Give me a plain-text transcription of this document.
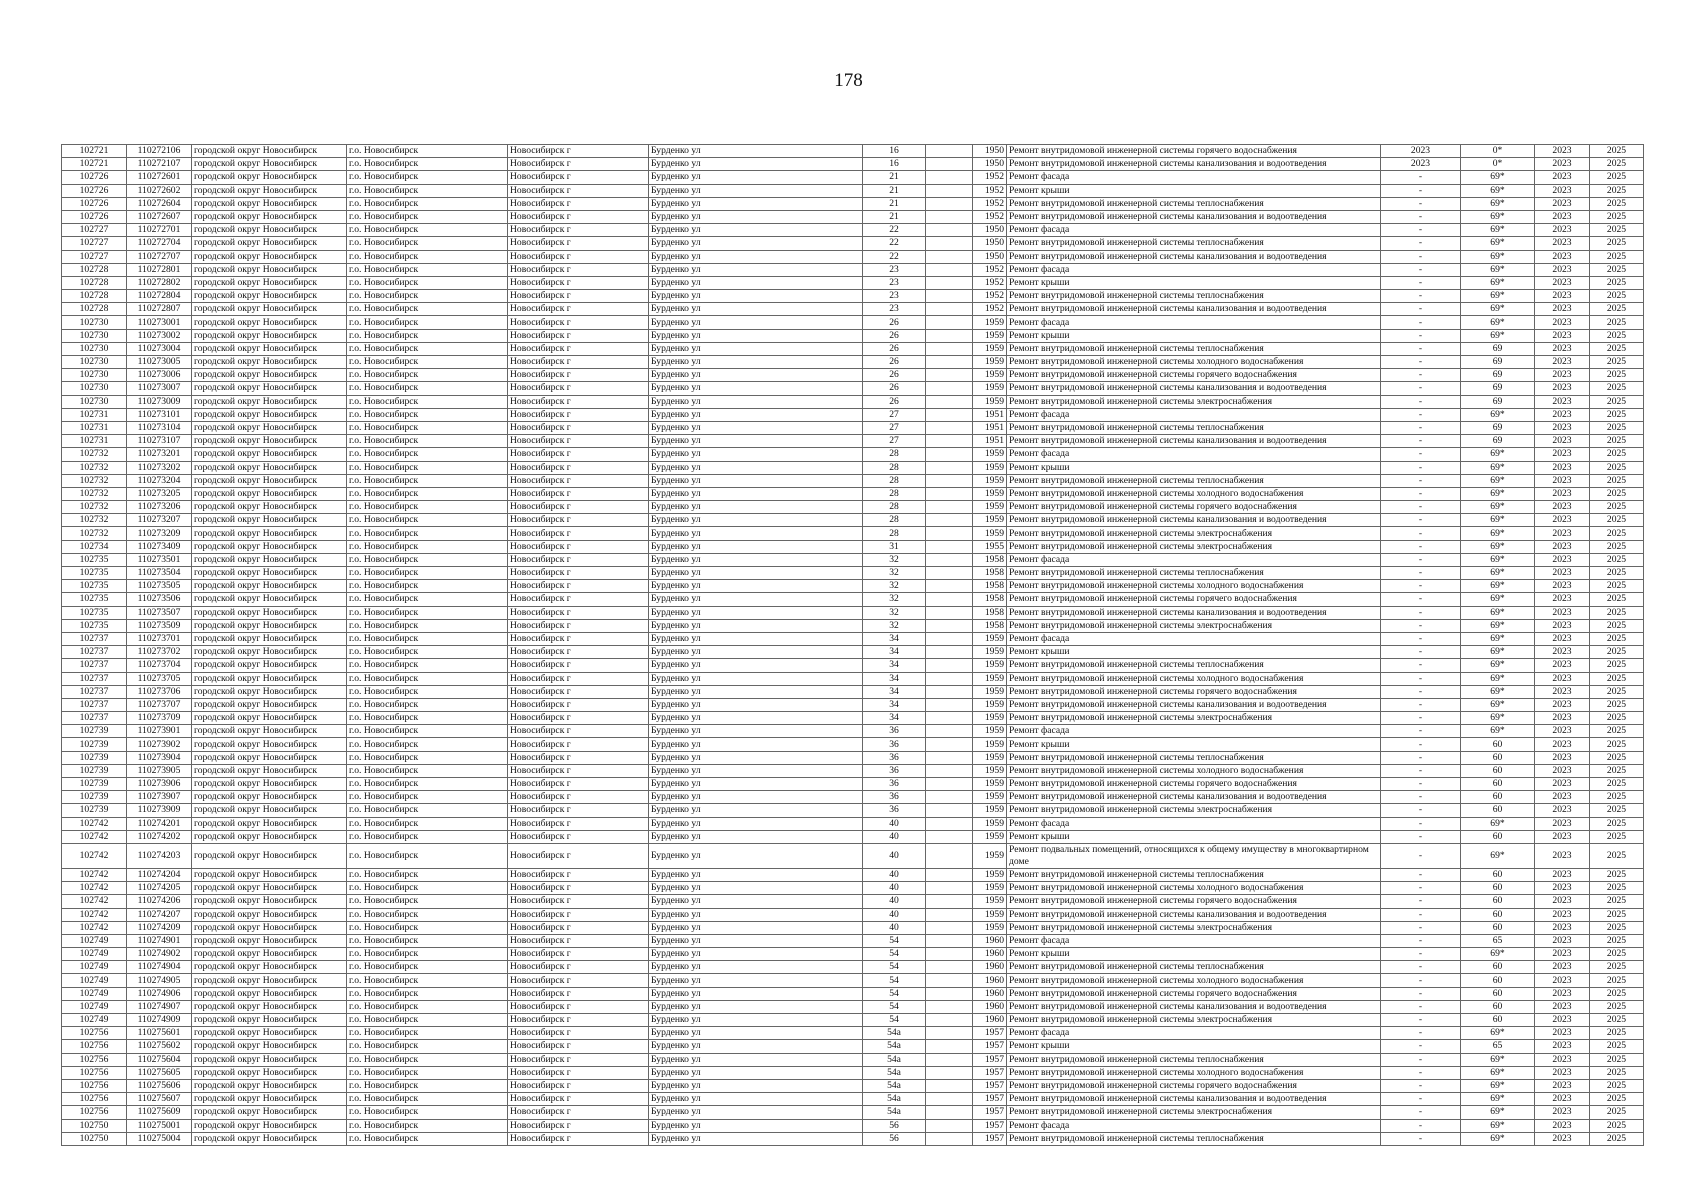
178
102721	110272106	городской округ Новосибирск	г.о. Новосибирск	Новосибирск г	Бурденко ул	16		1950	Ремонт внутридомовой инженерной системы горячего водоснабжения	2023	0*	2023	2025
102721	110272107	городской округ Новосибирск	г.о. Новосибирск	Новосибирск г	Бурденко ул	16		1950	Ремонт внутридомовой инженерной системы канализования и водоотведения	2023	0*	2023	2025
102726	110272601	городской округ Новосибирск	г.о. Новосибирск	Новосибирск г	Бурденко ул	21		1952	Ремонт фасада	-	69*	2023	2025
102726	110272602	городской округ Новосибирск	г.о. Новосибирск	Новосибирск г	Бурденко ул	21		1952	Ремонт крыши	-	69*	2023	2025
102726	110272604	городской округ Новосибирск	г.о. Новосибирск	Новосибирск г	Бурденко ул	21		1952	Ремонт внутридомовой инженерной системы теплоснабжения	-	69*	2023	2025
102726	110272607	городской округ Новосибирск	г.о. Новосибирск	Новосибирск г	Бурденко ул	21		1952	Ремонт внутридомовой инженерной системы канализования и водоотведения	-	69*	2023	2025
102727	110272701	городской округ Новосибирск	г.о. Новосибирск	Новосибирск г	Бурденко ул	22		1950	Ремонт фасада	-	69*	2023	2025
102727	110272704	городской округ Новосибирск	г.о. Новосибирск	Новосибирск г	Бурденко ул	22		1950	Ремонт внутридомовой инженерной системы теплоснабжения	-	69*	2023	2025
102727	110272707	городской округ Новосибирск	г.о. Новосибирск	Новосибирск г	Бурденко ул	22		1950	Ремонт внутридомовой инженерной системы канализования и водоотведения	-	69*	2023	2025
102728	110272801	городской округ Новосибирск	г.о. Новосибирск	Новосибирск г	Бурденко ул	23		1952	Ремонт фасада	-	69*	2023	2025
102728	110272802	городской округ Новосибирск	г.о. Новосибирск	Новосибирск г	Бурденко ул	23		1952	Ремонт крыши	-	69*	2023	2025
102728	110272804	городской округ Новосибирск	г.о. Новосибирск	Новосибирск г	Бурденко ул	23		1952	Ремонт внутридомовой инженерной системы теплоснабжения	-	69*	2023	2025
102728	110272807	городской округ Новосибирск	г.о. Новосибирск	Новосибирск г	Бурденко ул	23		1952	Ремонт внутридомовой инженерной системы канализования и водоотведения	-	69*	2023	2025
102730	110273001	городской округ Новосибирск	г.о. Новосибирск	Новосибирск г	Бурденко ул	26		1959	Ремонт фасада	-	69*	2023	2025
102730	110273002	городской округ Новосибирск	г.о. Новосибирск	Новосибирск г	Бурденко ул	26		1959	Ремонт крыши	-	69*	2023	2025
102730	110273004	городской округ Новосибирск	г.о. Новосибирск	Новосибирск г	Бурденко ул	26		1959	Ремонт внутридомовой инженерной системы теплоснабжения	-	69	2023	2025
102730	110273005	городской округ Новосибирск	г.о. Новосибирск	Новосибирск г	Бурденко ул	26		1959	Ремонт внутридомовой инженерной системы холодного водоснабжения	-	69	2023	2025
102730	110273006	городской округ Новосибирск	г.о. Новосибирск	Новосибирск г	Бурденко ул	26		1959	Ремонт внутридомовой инженерной системы горячего водоснабжения	-	69	2023	2025
102730	110273007	городской округ Новосибирск	г.о. Новосибирск	Новосибирск г	Бурденко ул	26		1959	Ремонт внутридомовой инженерной системы канализования и водоотведения	-	69	2023	2025
102730	110273009	городской округ Новосибирск	г.о. Новосибирск	Новосибирск г	Бурденко ул	26		1959	Ремонт внутридомовой инженерной системы электроснабжения	-	69	2023	2025
102731	110273101	городской округ Новосибирск	г.о. Новосибирск	Новосибирск г	Бурденко ул	27		1951	Ремонт фасада	-	69*	2023	2025
102731	110273104	городской округ Новосибирск	г.о. Новосибирск	Новосибирск г	Бурденко ул	27		1951	Ремонт внутридомовой инженерной системы теплоснабжения	-	69	2023	2025
102731	110273107	городской округ Новосибирск	г.о. Новосибирск	Новосибирск г	Бурденко ул	27		1951	Ремонт внутридомовой инженерной системы канализования и водоотведения	-	69	2023	2025
102732	110273201	городской округ Новосибирск	г.о. Новосибирск	Новосибирск г	Бурденко ул	28		1959	Ремонт фасада	-	69*	2023	2025
102732	110273202	городской округ Новосибирск	г.о. Новосибирск	Новосибирск г	Бурденко ул	28		1959	Ремонт крыши	-	69*	2023	2025
102732	110273204	городской округ Новосибирск	г.о. Новосибирск	Новосибирск г	Бурденко ул	28		1959	Ремонт внутридомовой инженерной системы теплоснабжения	-	69*	2023	2025
102732	110273205	городской округ Новосибирск	г.о. Новосибирск	Новосибирск г	Бурденко ул	28		1959	Ремонт внутридомовой инженерной системы холодного водоснабжения	-	69*	2023	2025
102732	110273206	городской округ Новосибирск	г.о. Новосибирск	Новосибирск г	Бурденко ул	28		1959	Ремонт внутридомовой инженерной системы горячего водоснабжения	-	69*	2023	2025
102732	110273207	городской округ Новосибирск	г.о. Новосибирск	Новосибирск г	Бурденко ул	28		1959	Ремонт внутридомовой инженерной системы канализования и водоотведения	-	69*	2023	2025
102732	110273209	городской округ Новосибирск	г.о. Новосибирск	Новосибирск г	Бурденко ул	28		1959	Ремонт внутридомовой инженерной системы электроснабжения	-	69*	2023	2025
102734	110273409	городской округ Новосибирск	г.о. Новосибирск	Новосибирск г	Бурденко ул	31		1955	Ремонт внутридомовой инженерной системы электроснабжения	-	69*	2023	2025
102735	110273501	городской округ Новосибирск	г.о. Новосибирск	Новосибирск г	Бурденко ул	32		1958	Ремонт фасада	-	69*	2023	2025
102735	110273504	городской округ Новосибирск	г.о. Новосибирск	Новосибирск г	Бурденко ул	32		1958	Ремонт внутридомовой инженерной системы теплоснабжения	-	69*	2023	2025
102735	110273505	городской округ Новосибирск	г.о. Новосибирск	Новосибирск г	Бурденко ул	32		1958	Ремонт внутридомовой инженерной системы холодного водоснабжения	-	69*	2023	2025
102735	110273506	городской округ Новосибирск	г.о. Новосибирск	Новосибирск г	Бурденко ул	32		1958	Ремонт внутридомовой инженерной системы горячего водоснабжения	-	69*	2023	2025
102735	110273507	городской округ Новосибирск	г.о. Новосибирск	Новосибирск г	Бурденко ул	32		1958	Ремонт внутридомовой инженерной системы канализования и водоотведения	-	69*	2023	2025
102735	110273509	городской округ Новосибирск	г.о. Новосибирск	Новосибирск г	Бурденко ул	32		1958	Ремонт внутридомовой инженерной системы электроснабжения	-	69*	2023	2025
102737	110273701	городской округ Новосибирск	г.о. Новосибирск	Новосибирск г	Бурденко ул	34		1959	Ремонт фасада	-	69*	2023	2025
102737	110273702	городской округ Новосибирск	г.о. Новосибирск	Новосибирск г	Бурденко ул	34		1959	Ремонт крыши	-	69*	2023	2025
102737	110273704	городской округ Новосибирск	г.о. Новосибирск	Новосибирск г	Бурденко ул	34		1959	Ремонт внутридомовой инженерной системы теплоснабжения	-	69*	2023	2025
102737	110273705	городской округ Новосибирск	г.о. Новосибирск	Новосибирск г	Бурденко ул	34		1959	Ремонт внутридомовой инженерной системы холодного водоснабжения	-	69*	2023	2025
102737	110273706	городской округ Новосибирск	г.о. Новосибирск	Новосибирск г	Бурденко ул	34		1959	Ремонт внутридомовой инженерной системы горячего водоснабжения	-	69*	2023	2025
102737	110273707	городской округ Новосибирск	г.о. Новосибирск	Новосибирск г	Бурденко ул	34		1959	Ремонт внутридомовой инженерной системы канализования и водоотведения	-	69*	2023	2025
102737	110273709	городской округ Новосибирск	г.о. Новосибирск	Новосибирск г	Бурденко ул	34		1959	Ремонт внутридомовой инженерной системы электроснабжения	-	69*	2023	2025
102739	110273901	городской округ Новосибирск	г.о. Новосибирск	Новосибирск г	Бурденко ул	36		1959	Ремонт фасада	-	69*	2023	2025
102739	110273902	городской округ Новосибирск	г.о. Новосибирск	Новосибирск г	Бурденко ул	36		1959	Ремонт крыши	-	60	2023	2025
102739	110273904	городской округ Новосибирск	г.о. Новосибирск	Новосибирск г	Бурденко ул	36		1959	Ремонт внутридомовой инженерной системы теплоснабжения	-	60	2023	2025
102739	110273905	городской округ Новосибирск	г.о. Новосибирск	Новосибирск г	Бурденко ул	36		1959	Ремонт внутридомовой инженерной системы холодного водоснабжения	-	60	2023	2025
102739	110273906	городской округ Новосибирск	г.о. Новосибирск	Новосибирск г	Бурденко ул	36		1959	Ремонт внутридомовой инженерной системы горячего водоснабжения	-	60	2023	2025
102739	110273907	городской округ Новосибирск	г.о. Новосибирск	Новосибирск г	Бурденко ул	36		1959	Ремонт внутридомовой инженерной системы канализования и водоотведения	-	60	2023	2025
102739	110273909	городской округ Новосибирск	г.о. Новосибирск	Новосибирск г	Бурденко ул	36		1959	Ремонт внутридомовой инженерной системы электроснабжения	-	60	2023	2025
102742	110274201	городской округ Новосибирск	г.о. Новосибирск	Новосибирск г	Бурденко ул	40		1959	Ремонт фасада	-	69*	2023	2025
102742	110274202	городской округ Новосибирск	г.о. Новосибирск	Новосибирск г	Бурденко ул	40		1959	Ремонт крыши	-	60	2023	2025
102742	110274203	городской округ Новосибирск	г.о. Новосибирск	Новосибирск г	Бурденко ул	40		1959	Ремонт подвальных помещений, относящихся к общему имуществу в многоквартирном доме	-	69*	2023	2025
102742	110274204	городской округ Новосибирск	г.о. Новосибирск	Новосибирск г	Бурденко ул	40		1959	Ремонт внутридомовой инженерной системы теплоснабжения	-	60	2023	2025
102742	110274205	городской округ Новосибирск	г.о. Новосибирск	Новосибирск г	Бурденко ул	40		1959	Ремонт внутридомовой инженерной системы холодного водоснабжения	-	60	2023	2025
102742	110274206	городской округ Новосибирск	г.о. Новосибирск	Новосибирск г	Бурденко ул	40		1959	Ремонт внутридомовой инженерной системы горячего водоснабжения	-	60	2023	2025
102742	110274207	городской округ Новосибирск	г.о. Новосибирск	Новосибирск г	Бурденко ул	40		1959	Ремонт внутридомовой инженерной системы канализования и водоотведения	-	60	2023	2025
102742	110274209	городской округ Новосибирск	г.о. Новосибирск	Новосибирск г	Бурденко ул	40		1959	Ремонт внутридомовой инженерной системы электроснабжения	-	60	2023	2025
102749	110274901	городской округ Новосибирск	г.о. Новосибирск	Новосибирск г	Бурденко ул	54		1960	Ремонт фасада	-	65	2023	2025
102749	110274902	городской округ Новосибирск	г.о. Новосибирск	Новосибирск г	Бурденко ул	54		1960	Ремонт крыши	-	69*	2023	2025
102749	110274904	городской округ Новосибирск	г.о. Новосибирск	Новосибирск г	Бурденко ул	54		1960	Ремонт внутридомовой инженерной системы теплоснабжения	-	60	2023	2025
102749	110274905	городской округ Новосибирск	г.о. Новосибирск	Новосибирск г	Бурденко ул	54		1960	Ремонт внутридомовой инженерной системы холодного водоснабжения	-	60	2023	2025
102749	110274906	городской округ Новосибирск	г.о. Новосибирск	Новосибирск г	Бурденко ул	54		1960	Ремонт внутридомовой инженерной системы горячего водоснабжения	-	60	2023	2025
102749	110274907	городской округ Новосибирск	г.о. Новосибирск	Новосибирск г	Бурденко ул	54		1960	Ремонт внутридомовой инженерной системы канализования и водоотведения	-	60	2023	2025
102749	110274909	городской округ Новосибирск	г.о. Новосибирск	Новосибирск г	Бурденко ул	54		1960	Ремонт внутридомовой инженерной системы электроснабжения	-	60	2023	2025
102756	110275601	городской округ Новосибирск	г.о. Новосибирск	Новосибирск г	Бурденко ул	54а		1957	Ремонт фасада	-	69*	2023	2025
102756	110275602	городской округ Новосибирск	г.о. Новосибирск	Новосибирск г	Бурденко ул	54а		1957	Ремонт крыши	-	65	2023	2025
102756	110275604	городской округ Новосибирск	г.о. Новосибирск	Новосибирск г	Бурденко ул	54а		1957	Ремонт внутридомовой инженерной системы теплоснабжения	-	69*	2023	2025
102756	110275605	городской округ Новосибирск	г.о. Новосибирск	Новосибирск г	Бурденко ул	54а		1957	Ремонт внутридомовой инженерной системы холодного водоснабжения	-	69*	2023	2025
102756	110275606	городской округ Новосибирск	г.о. Новосибирск	Новосибирск г	Бурденко ул	54а		1957	Ремонт внутридомовой инженерной системы горячего водоснабжения	-	69*	2023	2025
102756	110275607	городской округ Новосибирск	г.о. Новосибирск	Новосибирск г	Бурденко ул	54а		1957	Ремонт внутридомовой инженерной системы канализования и водоотведения	-	69*	2023	2025
102756	110275609	городской округ Новосибирск	г.о. Новосибирск	Новосибирск г	Бурденко ул	54а		1957	Ремонт внутридомовой инженерной системы электроснабжения	-	69*	2023	2025
102750	110275001	городской округ Новосибирск	г.о. Новосибирск	Новосибирск г	Бурденко ул	56		1957	Ремонт фасада	-	69*	2023	2025
102750	110275004	городской округ Новосибирск	г.о. Новосибирск	Новосибирск г	Бурденко ул	56		1957	Ремонт внутридомовой инженерной системы теплоснабжения	-	69*	2023	2025
